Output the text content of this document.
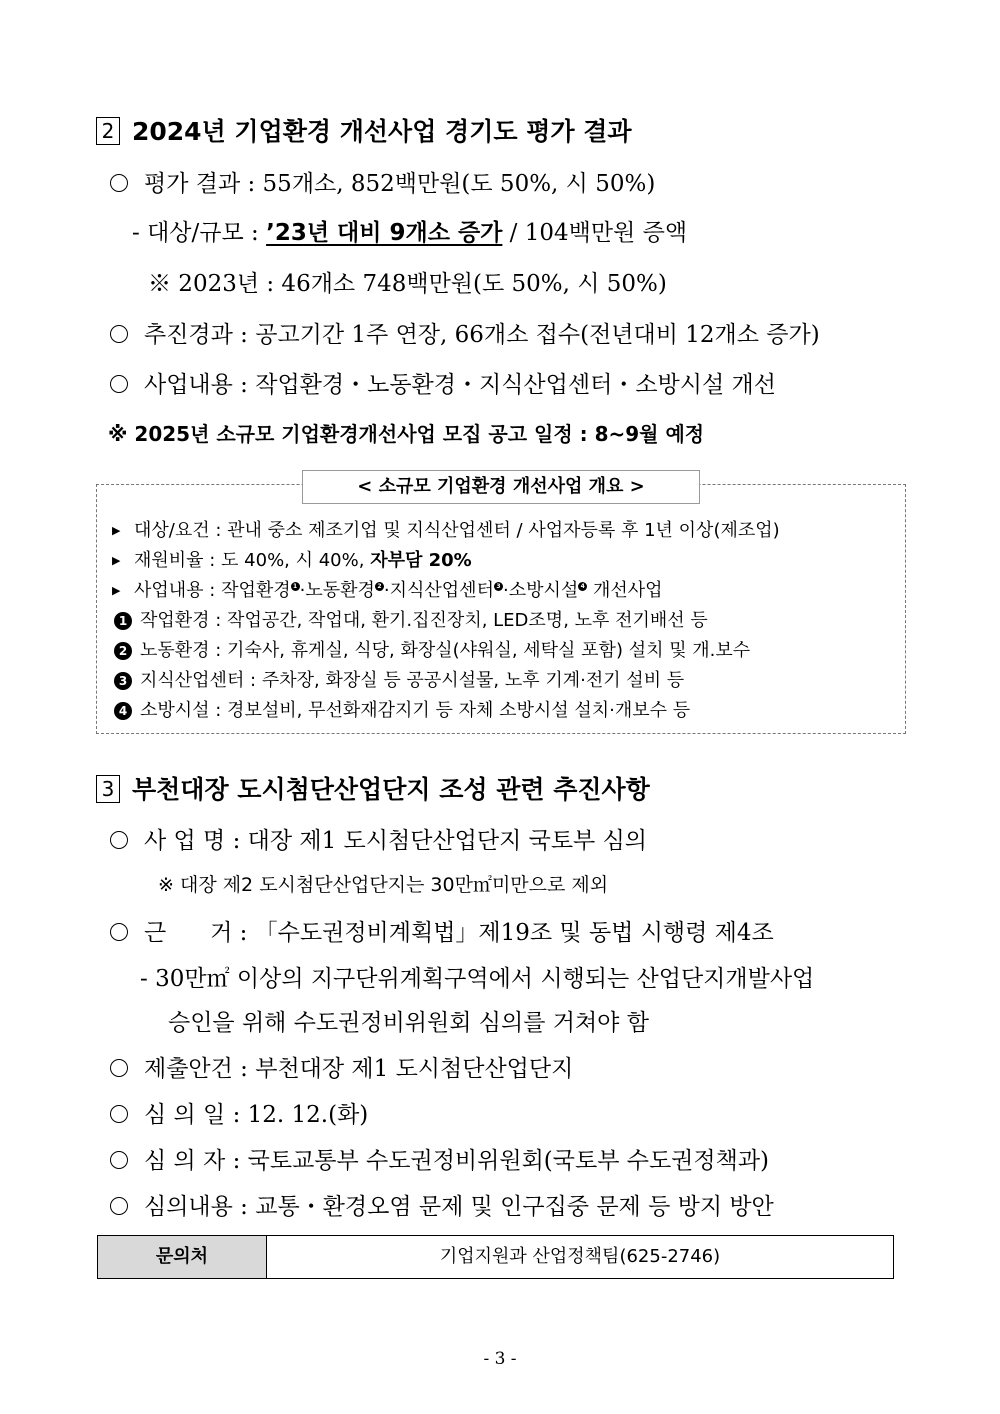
2 2024년 기업환경 개선사업 경기도 평가 결과
평가 결과 : 55개소, 852백만원(도 50%, 시 50%)
- 대상/규모 : ’23년 대비 9개소 증가 / 104백만원 증액
※ 2023년 : 46개소 748백만원(도 50%, 시 50%)
추진경과 : 공고기간 1주 연장, 66개소 접수(전년대비 12개소 증가)
사업내용 : 작업환경・노동환경・지식산업센터・소방시설 개선
※ 2025년 소규모 기업환경개선사업 모집 공고 일정 : 8~9월 예정
< 소규모 기업환경 개선사업 개요 >
▶ 대상/요건 : 관내 중소 제조기업 및 지식산업센터 / 사업자등록 후 1년 이상(제조업)
▶ 재원비율 : 도 40%, 시 40%, 자부담 20%
▶ 사업내용 : 작업환경 1 ·노동환경 2 ·지식산업센터 3 ·소방시설 4 개선사업
1 작업환경 : 작업공간, 작업대, 환기.집진장치, LED조명, 노후 전기배선 등
2 노동환경 : 기숙사, 휴게실, 식당, 화장실(샤워실, 세탁실 포함) 설치 및 개.보수
3 지식산업센터 : 주차장, 화장실 등 공공시설물, 노후 기계·전기 설비 등
4 소방시설 : 경보설비, 무선화재감지기 등 자체 소방시설 설치·개보수 등
3 부천대장 도시첨단산업단지 조성 관련 추진사항
사 업 명 : 대장 제1 도시첨단산업단지 국토부 심의
※ 대장 제2 도시첨단산업단지는 30만㎡미만으로 제외
근      거 : 「수도권정비계획법」제19조 및 동법 시행령 제4조
- 30만㎡ 이상의 지구단위계획구역에서 시행되는 산업단지개발사업
승인을 위해 수도권정비위원회 심의를 거쳐야 함
제출안건 : 부천대장 제1 도시첨단산업단지
심 의 일 : 12. 12.(화)
심 의 자 : 국토교통부 수도권정비위원회(국토부 수도권정책과)
심의내용 : 교통・환경오염 문제 및 인구집중 문제 등 방지 방안
문의처	기업지원과 산업정책팀(625-2746)
- 3 -
